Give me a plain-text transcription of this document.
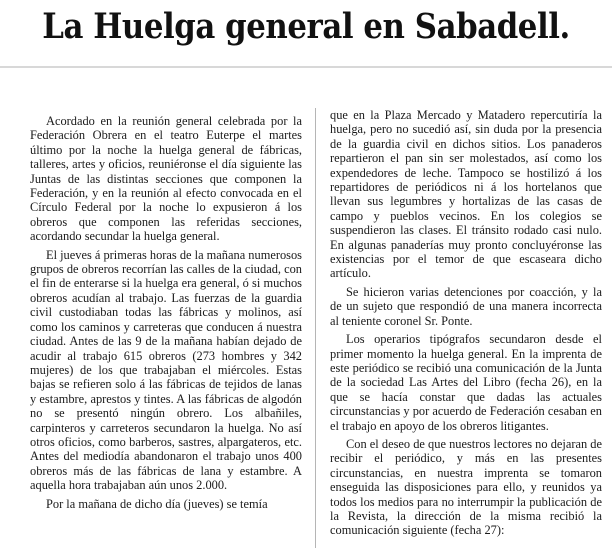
La Huelga general en Sabadell.

Acordado en la reunión general celebrada por la Federación Obrera en el teatro Euterpe el martes último por la noche la huelga general de fábricas, talleres, artes y oficios, reuniéronse el día siguiente las Juntas de las distintas secciones que componen la Federación, y en la reunión al efecto convocada en el Círculo Federal por la noche lo expusieron á los obreros que componen las referidas secciones, acordando secundar la huelga general.

El jueves á primeras horas de la mañana numerosos grupos de obreros recorrían las calles de la ciudad, con el fin de enterarse si la huelga era general, ó si muchos obreros acudían al trabajo. Las fuerzas de la guardia civil custodiaban todas las fábricas y molinos, así como los caminos y carreteras que conducen á nuestra ciudad. Antes de las 9 de la mañana habían dejado de acudir al trabajo 615 obreros (273 hombres y 342 mujeres) de los que trabajaban el miércoles. Estas bajas se refieren solo á las fábricas de tejidos de lanas y estambre, aprestos y tintes. A las fábricas de algodón no se presentó ningún obrero. Los albañiles, carpinteros y carreteros secundaron la huelga. No así otros oficios, como barberos, sastres, alpargateros, etc. Antes del mediodía abandonaron el trabajo unos 400 obreros más de las fábricas de lana y estambre. A aquella hora trabajaban aún unos 2.000.

Por la mañana de dicho día (jueves) se temía

que en la Plaza Mercado y Matadero repercutiría la huelga, pero no sucedió así, sin duda por la presencia de la guardia civil en dichos sitios. Los panaderos repartieron el pan sin ser molestados, así como los expendedores de leche. Tampoco se hostilizó á los repartidores de periódicos ni á los hortelanos que llevan sus legumbres y hortalizas de las casas de campo y pueblos vecinos. En los colegios se suspendieron las clases. El tránsito rodado casi nulo. En algunas panaderías muy pronto concluyéronse las existencias por el temor de que escaseara dicho artículo.

Se hicieron varias detenciones por coacción, y la de un sujeto que respondió de una manera incorrecta al teniente coronel Sr. Ponte.

Los operarios tipógrafos secundaron desde el primer momento la huelga general. En la imprenta de este periódico se recibió una comunicación de la Junta de la sociedad Las Artes del Libro (fecha 26), en la que se hacía constar que dadas las actuales circunstancias y por acuerdo de Federación cesaban en el trabajo en apoyo de los obreros litigantes.

Con el deseo de que nuestros lectores no dejaran de recibir el periódico, y más en las presentes circunstancias, en nuestra imprenta se tomaron enseguida las disposiciones para ello, y reunidos ya todos los medios para no interrumpir la publicación de la Revista, la dirección de la misma recibió la comunicación siguiente (fecha 27):
